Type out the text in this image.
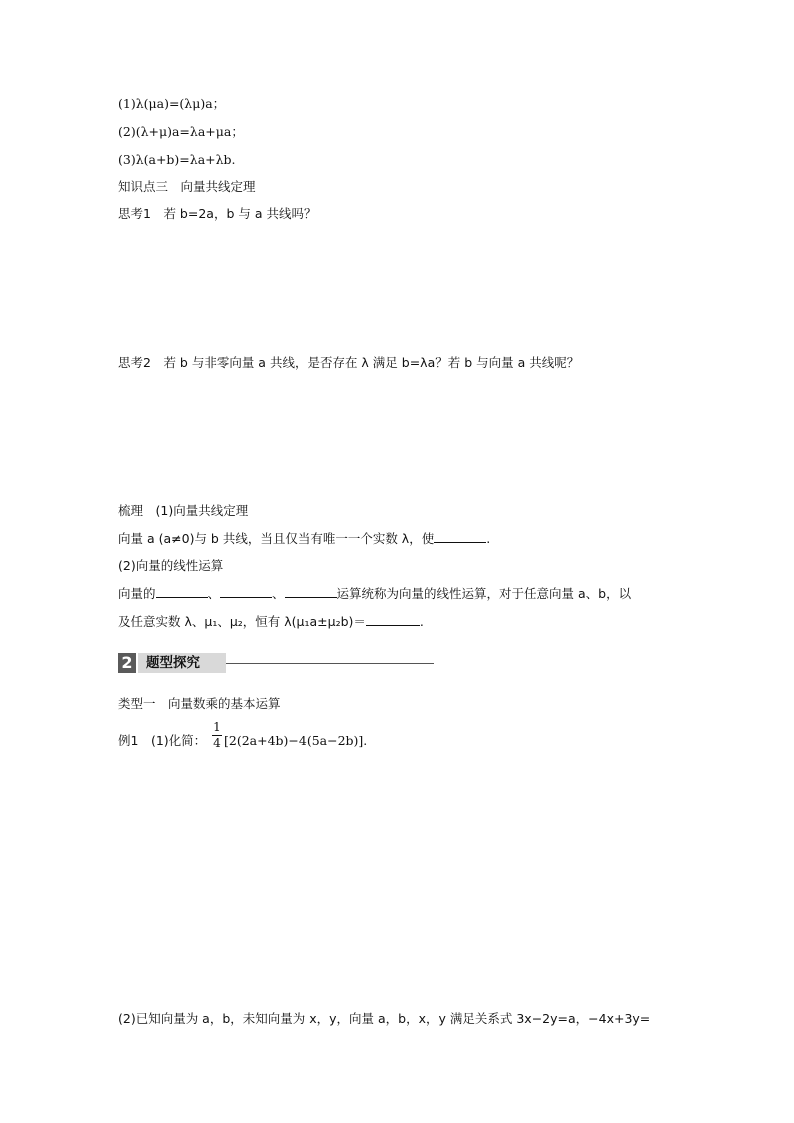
(1)λ(μa)=(λμ)a；
(2)(λ+μ)a=λa+μa；
(3)λ(a+b)=λa+λb.
知识点三　向量共线定理
思考1　若 b=2a，b 与 a 共线吗？
思考2　若 b 与非零向量 a 共线，是否存在 λ 满足 b=λa？若 b 与向量 a 共线呢？
梳理　(1)向量共线定理
向量 a (a≠0)与 b 共线，当且仅当有唯一一个实数 λ，使	.
(2)向量的线性运算
向量的	、	、	运算统称为向量的线性运算，对于任意向量 a、b，以
及任意实数 λ、μ₁、μ₂，恒有 λ(μ₁a±μ₂b)＝	.
2 题型探究
类型一　向量数乘的基本运算
例1　(1)化简：
1
4 [2(2a+4b)−4(5a−2b)].
(2)已知向量为 a，b，未知向量为 x，y，向量 a，b，x，y 满足关系式 3x−2y=a，−4x+3y=
